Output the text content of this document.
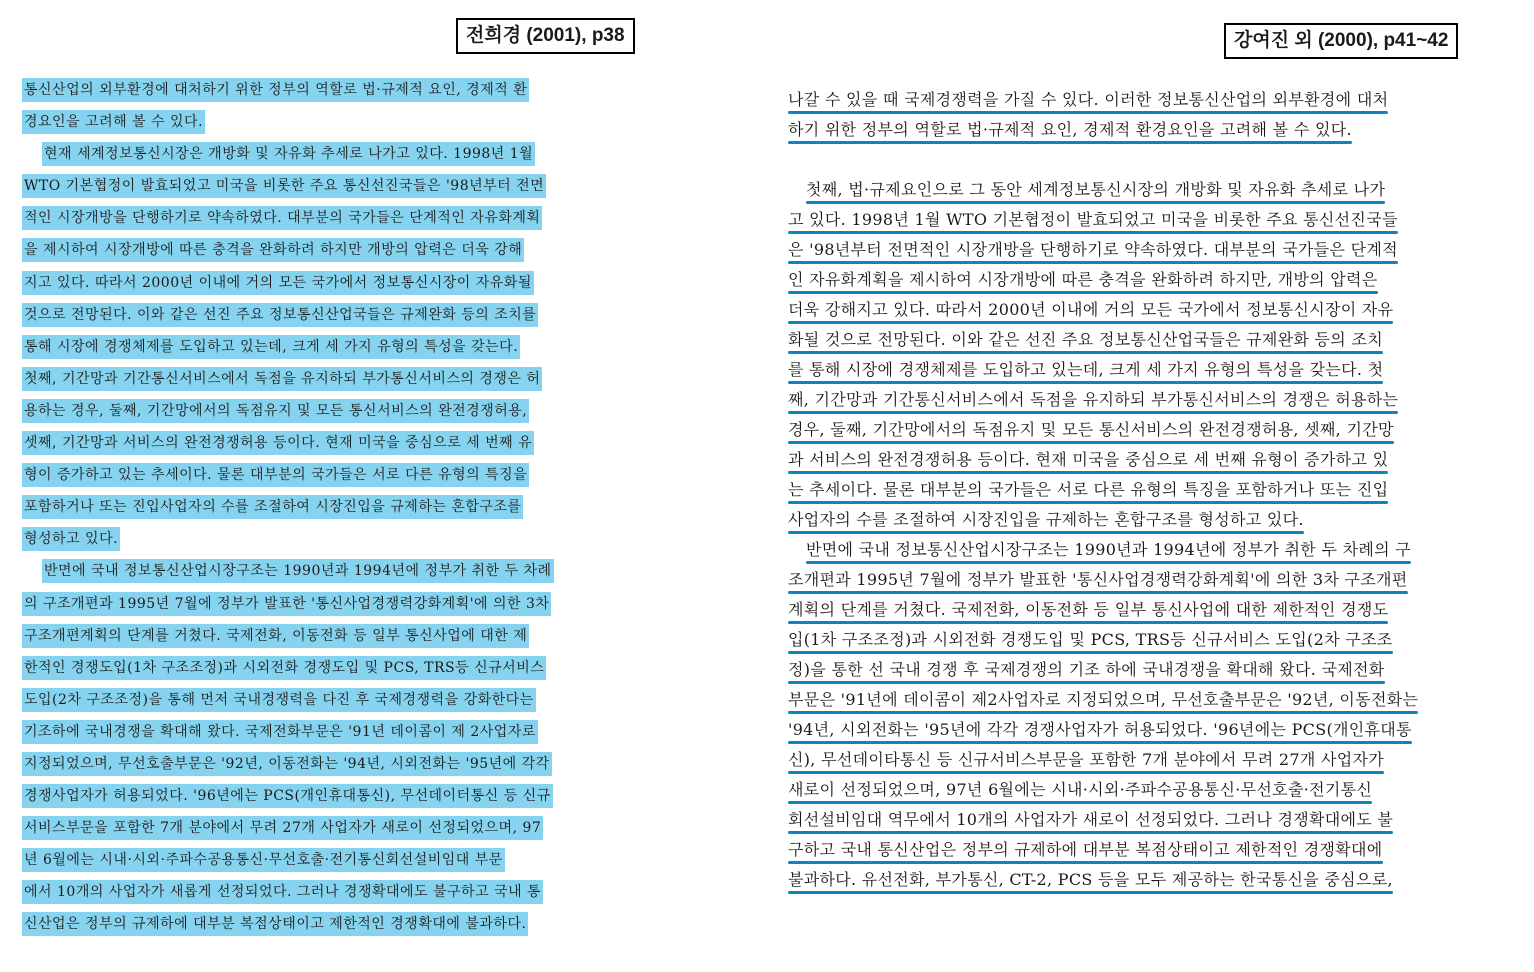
전희경 (2001), p38	강여진 외 (2000), p41~42
통신산업의 외부환경에 대처하기 위한 정부의 역할로 법·규제적 요인, 경제적 환
경요인을 고려해 볼 수 있다.
현재 세계정보통신시장은 개방화 및 자유화 추세로 나가고 있다. 1998년 1월
WTO 기본협정이 발효되었고 미국을 비롯한 주요 통신선진국들은 '98년부터 전면
적인 시장개방을 단행하기로 약속하였다. 대부분의 국가들은 단계적인 자유화계획
을 제시하여 시장개방에 따른 충격을 완화하려 하지만 개방의 압력은 더욱 강해
지고 있다. 따라서 2000년 이내에 거의 모든 국가에서 정보통신시장이 자유화될
것으로 전망된다. 이와 같은 선진 주요 정보통신산업국들은 규제완화 등의 조치를
통해 시장에 경쟁체제를 도입하고 있는데, 크게 세 가지 유형의 특성을 갖는다.
첫째, 기간망과 기간통신서비스에서 독점을 유지하되 부가통신서비스의 경쟁은 허
용하는 경우, 둘째, 기간망에서의 독점유지 및 모든 통신서비스의 완전경쟁허용,
셋째, 기간망과 서비스의 완전경쟁허용 등이다. 현재 미국을 중심으로 세 번째 유
형이 증가하고 있는 추세이다. 물론 대부분의 국가들은 서로 다른 유형의 특징을
포함하거나 또는 진입사업자의 수를 조절하여 시장진입을 규제하는 혼합구조를
형성하고 있다.
반면에 국내 정보통신산업시장구조는 1990년과 1994년에 정부가 취한 두 차례
의 구조개편과 1995년 7월에 정부가 발표한 '통신사업경쟁력강화계획'에 의한 3차
구조개편계획의 단계를 거쳤다. 국제전화, 이동전화 등 일부 통신사업에 대한 제
한적인 경쟁도입(1차 구조조정)과 시외전화 경쟁도입 및 PCS, TRS등 신규서비스
도입(2차 구조조정)을 통해 먼저 국내경쟁력을 다진 후 국제경쟁력을 강화한다는
기조하에 국내경쟁을 확대해 왔다. 국제전화부문은 '91년 데이콤이 제 2사업자로
지정되었으며, 무선호출부문은 '92년, 이동전화는 '94년, 시외전화는 '95년에 각각
경쟁사업자가 허용되었다. '96년에는 PCS(개인휴대통신), 무선데이터통신 등 신규
서비스부문을 포함한 7개 분야에서 무려 27개 사업자가 새로이 선정되었으며, 97
년 6월에는 시내·시외·주파수공용통신·무선호출·전기통신회선설비임대 부문
에서 10개의 사업자가 새롭게 선정되었다. 그러나 경쟁확대에도 불구하고 국내 통
신산업은 정부의 규제하에 대부분 복점상태이고 제한적인 경쟁확대에 불과하다.
나갈 수 있을 때 국제경쟁력을 가질 수 있다. 이러한 정보통신산업의 외부환경에 대처
하기 위한 정부의 역할로 법·규제적 요인, 경제적 환경요인을 고려해 볼 수 있다.
첫째, 법·규제요인으로 그 동안 세계정보통신시장의 개방화 및 자유화 추세로 나가
고 있다. 1998년 1월 WTO 기본협정이 발효되었고 미국을 비롯한 주요 통신선진국들
은 '98년부터 전면적인 시장개방을 단행하기로 약속하였다. 대부분의 국가들은 단계적
인 자유화계획을 제시하여 시장개방에 따른 충격을 완화하려 하지만, 개방의 압력은
더욱 강해지고 있다. 따라서 2000년 이내에 거의 모든 국가에서 정보통신시장이 자유
화될 것으로 전망된다. 이와 같은 선진 주요 정보통신산업국들은 규제완화 등의 조치
를 통해 시장에 경쟁체제를 도입하고 있는데, 크게 세 가지 유형의 특성을 갖는다. 첫
째, 기간망과 기간통신서비스에서 독점을 유지하되 부가통신서비스의 경쟁은 허용하는
경우, 둘째, 기간망에서의 독점유지 및 모든 통신서비스의 완전경쟁허용, 셋째, 기간망
과 서비스의 완전경쟁허용 등이다. 현재 미국을 중심으로 세 번째 유형이 증가하고 있
는 추세이다. 물론 대부분의 국가들은 서로 다른 유형의 특징을 포함하거나 또는 진입
사업자의 수를 조절하여 시장진입을 규제하는 혼합구조를 형성하고 있다.
반면에 국내 정보통신산업시장구조는 1990년과 1994년에 정부가 취한 두 차례의 구
조개편과 1995년 7월에 정부가 발표한 '통신사업경쟁력강화계획'에 의한 3차 구조개편
계획의 단계를 거쳤다. 국제전화, 이동전화 등 일부 통신사업에 대한 제한적인 경쟁도
입(1차 구조조정)과 시외전화 경쟁도입 및 PCS, TRS등 신규서비스 도입(2차 구조조
정)을 통한 선 국내 경쟁 후 국제경쟁의 기조 하에 국내경쟁을 확대해 왔다. 국제전화
부문은 '91년에 데이콤이 제2사업자로 지정되었으며, 무선호출부문은 '92년, 이동전화는
'94년, 시외전화는 '95년에 각각 경쟁사업자가 허용되었다. '96년에는 PCS(개인휴대통
신), 무선데이타통신 등 신규서비스부문을 포함한 7개 분야에서 무려 27개 사업자가
새로이 선정되었으며, 97년 6월에는 시내·시외·주파수공용통신·무선호출·전기통신
회선설비임대 역무에서 10개의 사업자가 새로이 선정되었다. 그러나 경쟁확대에도 불
구하고 국내 통신산업은 정부의 규제하에 대부분 복점상태이고 제한적인 경쟁확대에
불과하다. 유선전화, 부가통신, CT-2, PCS 등을 모두 제공하는 한국통신을 중심으로,
